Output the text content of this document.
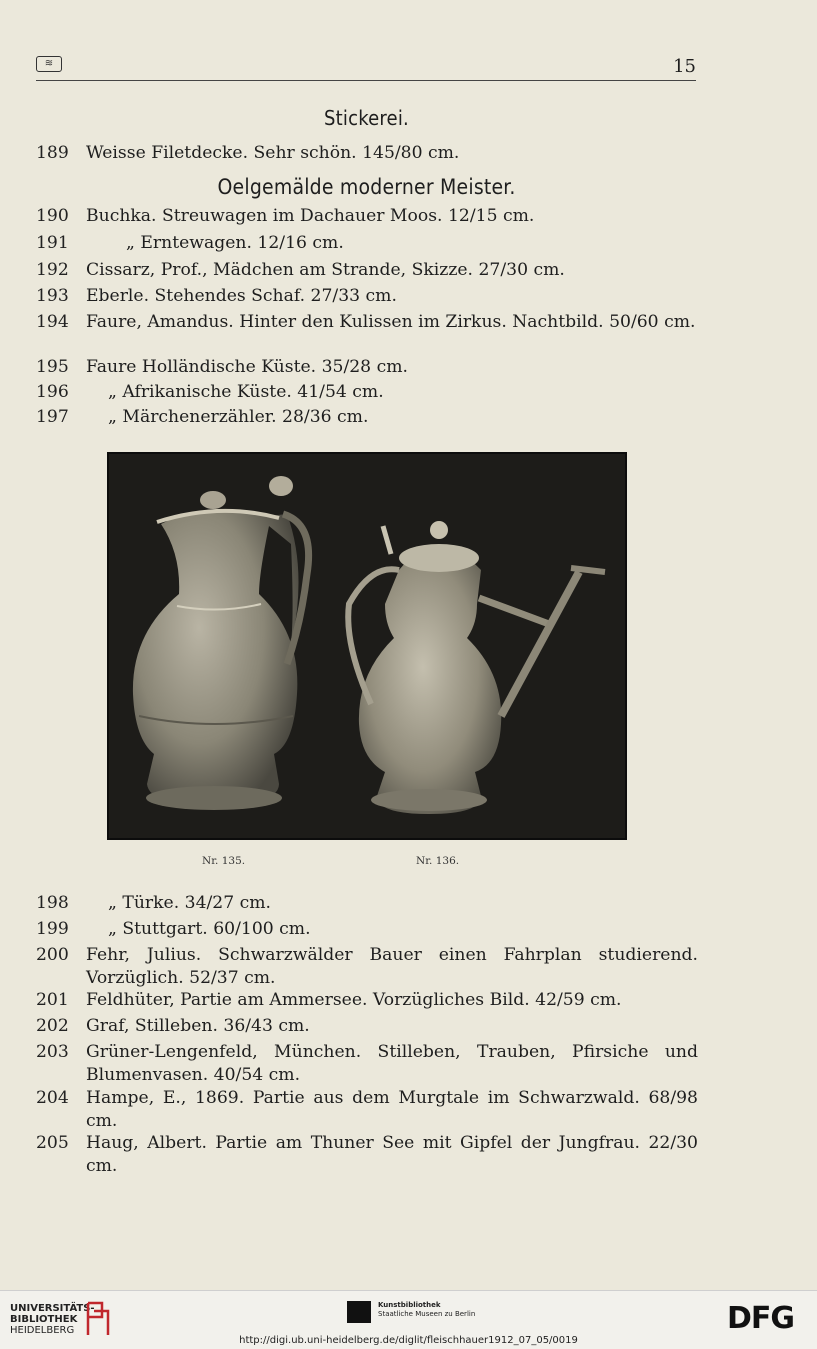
≋	15
Stickerei.
Oelgemälde moderner Meister.
189 Weisse Filetdecke. Sehr schön. 145/80 cm.
190 Buchka. Streuwagen im Dachauer Moos. 12/15 cm.
191	„ Erntewagen. 12/16 cm.
192 Cissarz, Prof., Mädchen am Strande, Skizze. 27/30 cm.
193 Eberle. Stehendes Schaf. 27/33 cm.
194 Faure, Amandus. Hinter den Kulissen im Zirkus. Nachtbild. 50/60 cm.
195 Faure Holländische Küste. 35/28 cm.
196 „ Afrikanische Küste. 41/54 cm.
197 „ Märchenerzähler. 28/36 cm.
Nr. 135.	Nr. 136.
198 „ Türke. 34/27 cm.
199 „ Stuttgart. 60/100 cm.
200 Fehr, Julius. Schwarzwälder Bauer einen Fahrplan studierend. Vorzüglich. 52/37 cm.
201 Feldhüter, Partie am Ammersee. Vorzügliches Bild. 42/59 cm.
202 Graf, Stilleben. 36/43 cm.
203 Grüner-Lengenfeld, München. Stilleben, Trauben, Pfirsiche und Blumenvasen. 40/54 cm.
204 Hampe, E., 1869. Partie aus dem Murgtale im Schwarzwald. 68/98 cm.
205 Haug, Albert. Partie am Thuner See mit Gipfel der Jungfrau. 22/30 cm.
UNIVERSITÄTS-
BIBLIOTHEK
HEIDELBERG
Kunstbibliothek
Staatliche Museen zu Berlin	DFG
http://digi.ub.uni-heidelberg.de/diglit/fleischhauer1912_07_05/0019
